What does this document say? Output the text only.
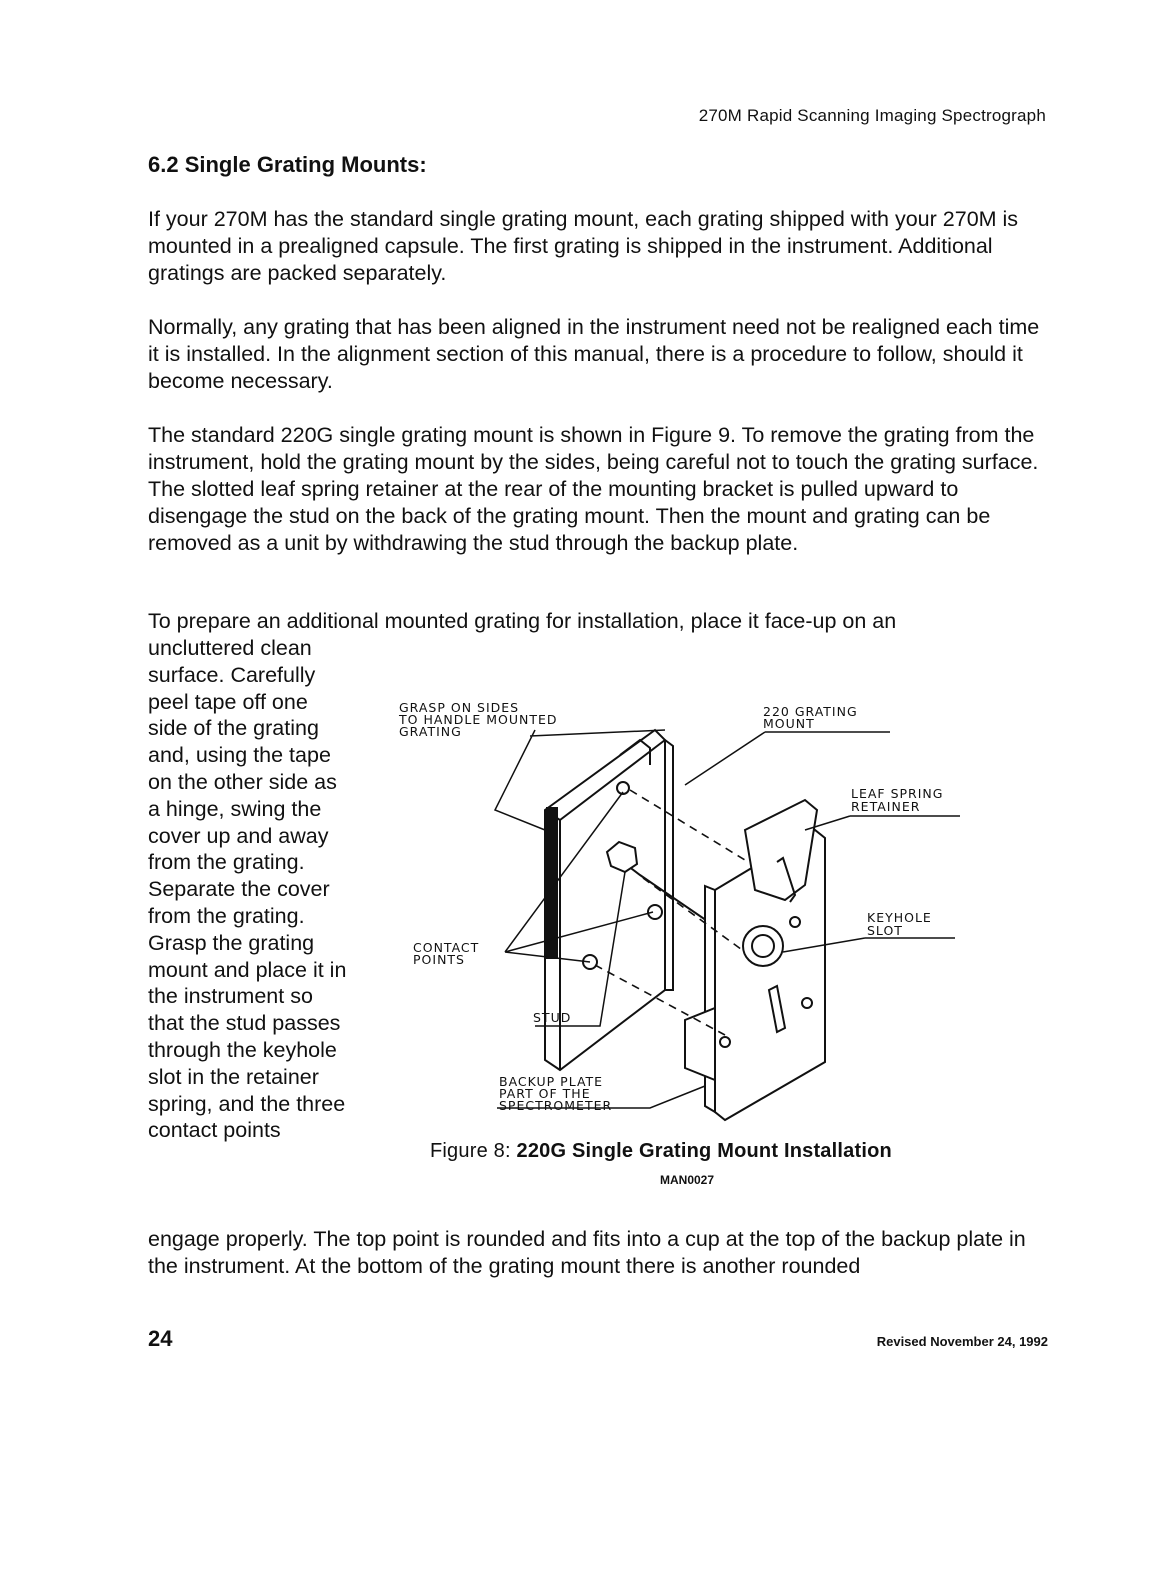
270M Rapid Scanning Imaging Spectrograph
6.2 Single Grating Mounts:

If your 270M has the standard single grating mount, each grating shipped with your 270M is mounted in a prealigned capsule. The first grating is shipped in the instrument. Additional gratings are packed separately.

Normally, any grating that has been aligned in the instrument need not be realigned each time it is installed. In the alignment section of this manual, there is a procedure to follow, should it become necessary.

The standard 220G single grating mount is shown in Figure 9. To remove the grating from the instrument, hold the grating mount by the sides, being careful not to touch the grating surface. The slotted leaf spring retainer at the rear of the mounting bracket is pulled upward to disengage the stud on the back of the grating mount. Then the mount and grating can be removed as a unit by withdrawing the stud through the backup plate.

To prepare an additional mounted grating for installation, place it face-up on an

uncluttered clean surface. Carefully peel tape off one side of the grating and, using the tape on the other side as a hinge, swing the cover up and away from the grating. Separate the cover from the grating. Grasp the grating mount and place it in the instrument so that the stud passes through the keyhole slot in the retainer spring, and the three contact points

engage properly. The top point is rounded and fits into a cup at the top of the backup plate in the instrument. At the bottom of the grating mount there is another rounded

GRASP ON SIDES
TO HANDLE MOUNTED
GRATING
220 GRATING
MOUNT
LEAF SPRING
RETAINER
KEYHOLE
SLOT
CONTACT
POINTS
STUD
BACKUP PLATE
PART OF THE
SPECTROMETER
Figure 8: 220G Single Grating Mount Installation
MAN0027
24	Revised November 24, 1992
